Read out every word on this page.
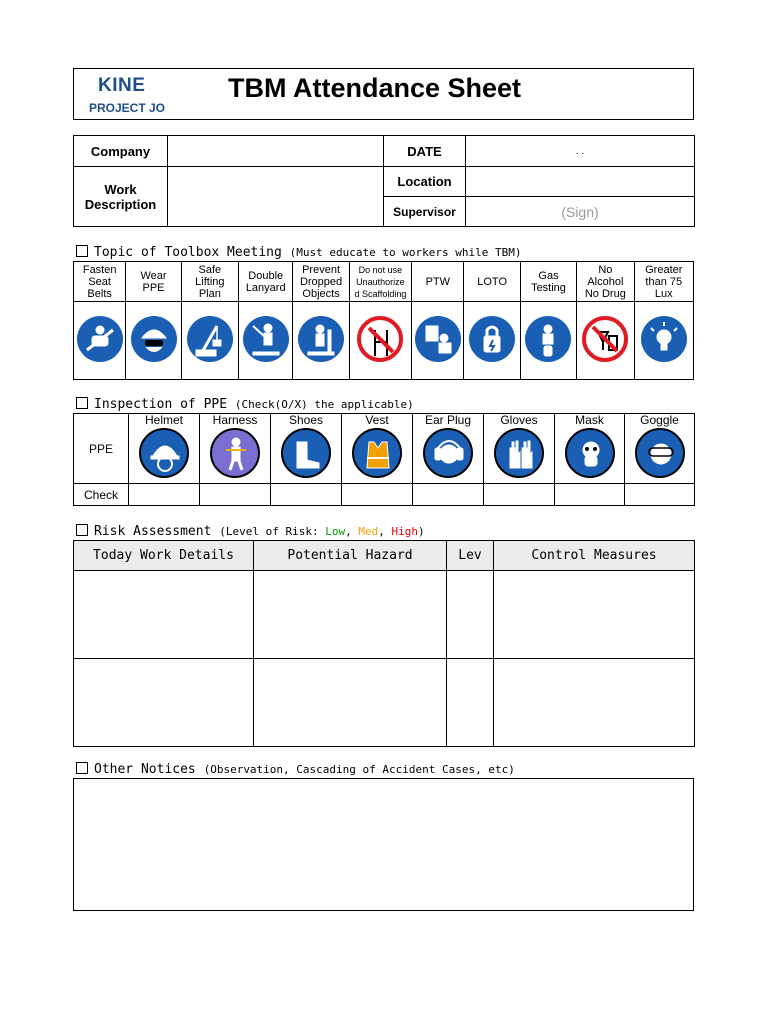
KINE
PROJECT JO
TBM Attendance Sheet
Company		DATE	. .
Work
Description		Location	
		Supervisor	(Sign)
Topic of Toolbox Meeting (Must educate to workers while TBM)
Fasten
Seat
Belts	Wear
PPE	Safe
Lifting
Plan	Double
Lanyard	Prevent
Dropped
Objects	Do not use
Unauthorize
d Scaffolding	PTW	LOTO	Gas
Testing	No
Alcohol
No Drug	Greater
than 75
Lux

Inspection of PPE (Check(O/X) the applicable)
PPE	Helmet	Harness	Shoes	Vest	Ear Plug	Gloves	Mask	Goggle

Check								
Risk Assessment (Level of Risk: Low, Med, High)
Today Work Details	Potential Hazard	Lev	Control Measures

Other Notices (Observation, Cascading of Accident Cases, etc)
